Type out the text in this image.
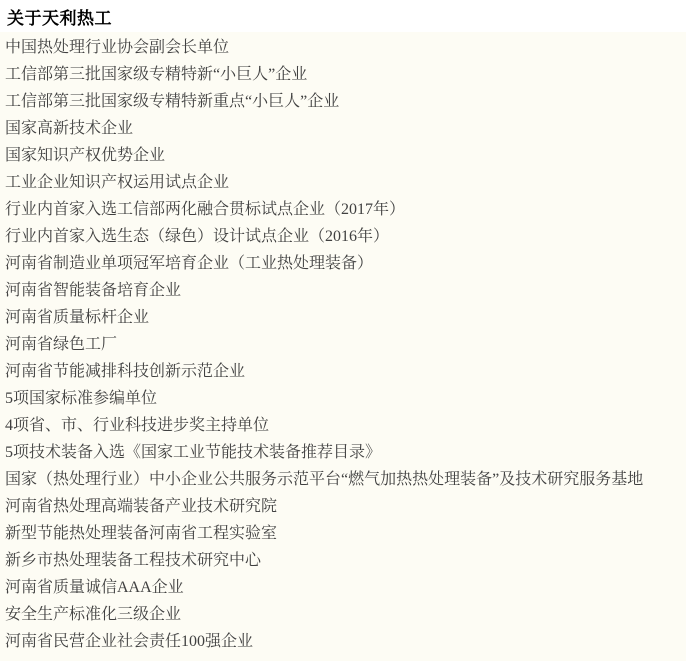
关于天利热工
中国热处理行业协会副会长单位
工信部第三批国家级专精特新“小巨人”企业
工信部第三批国家级专精特新重点“小巨人”企业
国家高新技术企业
国家知识产权优势企业
工业企业知识产权运用试点企业
行业内首家入选工信部两化融合贯标试点企业（2017年）
行业内首家入选生态（绿色）设计试点企业（2016年）
河南省制造业单项冠军培育企业（工业热处理装备）
河南省智能装备培育企业
河南省质量标杆企业
河南省绿色工厂
河南省节能减排科技创新示范企业
5项国家标准参编单位
4项省、市、行业科技进步奖主持单位
5项技术装备入选《国家工业节能技术装备推荐目录》
国家（热处理行业）中小企业公共服务示范平台“燃气加热热处理装备”及技术研究服务基地
河南省热处理高端装备产业技术研究院
新型节能热处理装备河南省工程实验室
新乡市热处理装备工程技术研究中心
河南省质量诚信AAA企业
安全生产标准化三级企业
河南省民营企业社会责任100强企业
